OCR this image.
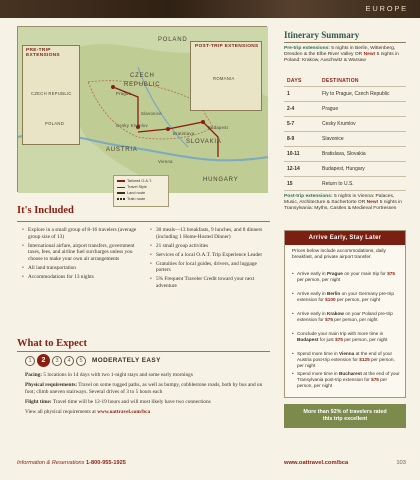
EUROPE
PRE-TRIP EXTENSIONS
CZECH REPUBLIC
POLAND
POST-TRIP EXTENSIONS
ROMANIA
CZECH
REPUBLIC
AUSTRIA
SLOVAKIA
HUNGARY
POLAND
Prague
Cesky Krumlov
Vienna
Bratislava
Budapest
Slavonice
Tailored O.A.T.
Travel Style
Land route
Train route
It's Included
• Explore in a small group of 8-16 travelers (average group size of 13)
• International airfare, airport transfers, government taxes, fees, and airline fuel surcharges unless you choose to make your own air arrangements
• All land transportation
• Accommodations for 13 nights
• 30 meals—13 breakfasts, 9 lunches, and 8 dinners (including 1 Home-Hosted Dinner)
• 21 small group activities
• Services of a local O.A.T. Trip Experience Leader
• Gratuities for local guides, drivers, and luggage porters
• 5% Frequent Traveler Credit toward your next adventure
What to Expect
1	2	3	4	5	MODERATELY EASY

Pacing: 5 locations in 14 days with two 1-night stays and some early mornings

Physical requirements: Travel on some rugged paths, as well as bumpy, cobblestone roads, both by bus and on foot; climb uneven stairways. Several drives of 3 to 5 hours each

Flight time: Travel time will be 12-19 hours and will most likely have two connections

View all physical requirements at www.oattravel.com/bca

Information & Reservations 1-800-955-1925
Itinerary Summary

Pre-trip extensions: 5 nights in Berlin, Wittenberg, Dresden & the Elbe River Valley OR New! 5 nights in Poland: Krakow, Auschwitz & Warsaw

DAYS	DESTINATION
1	Fly to Prague, Czech Republic
2-4	Prague
5-7	Cesky Krumlov
8-9	Slavonice
10-11	Bratislava, Slovakia
12-14	Budapest, Hungary
15	Return to U.S.

Post-trip extensions: 5 nights in Vienna: Palaces, Music, Architecture & Sachertorte OR New! 5 nights in Transylvania: Myths, Castles & Medieval Fortresses

Arrive Early, Stay Later

Prices below include accommodations, daily breakfast, and private airport transfer.

• Arrive early in Prague on your main trip for $75 per person, per night

• Arrive early in Berlin on your Germany pre-trip extension for $100 per person, per night

• Arrive early in Krakow on your Poland pre-trip extension for $75 per person, per night

• Conclude your main trip with more time in Budapest for just $75 per person, per night

• Spend more time in Vienna at the end of your Austria post-trip extension for $125 per person, per night

• Spend more time in Bucharest at the end of your Transylvania post-trip extension for $75 per person, per night

More than 92% of travelers rated
this trip excellent
www.oattravel.com/bca	103
